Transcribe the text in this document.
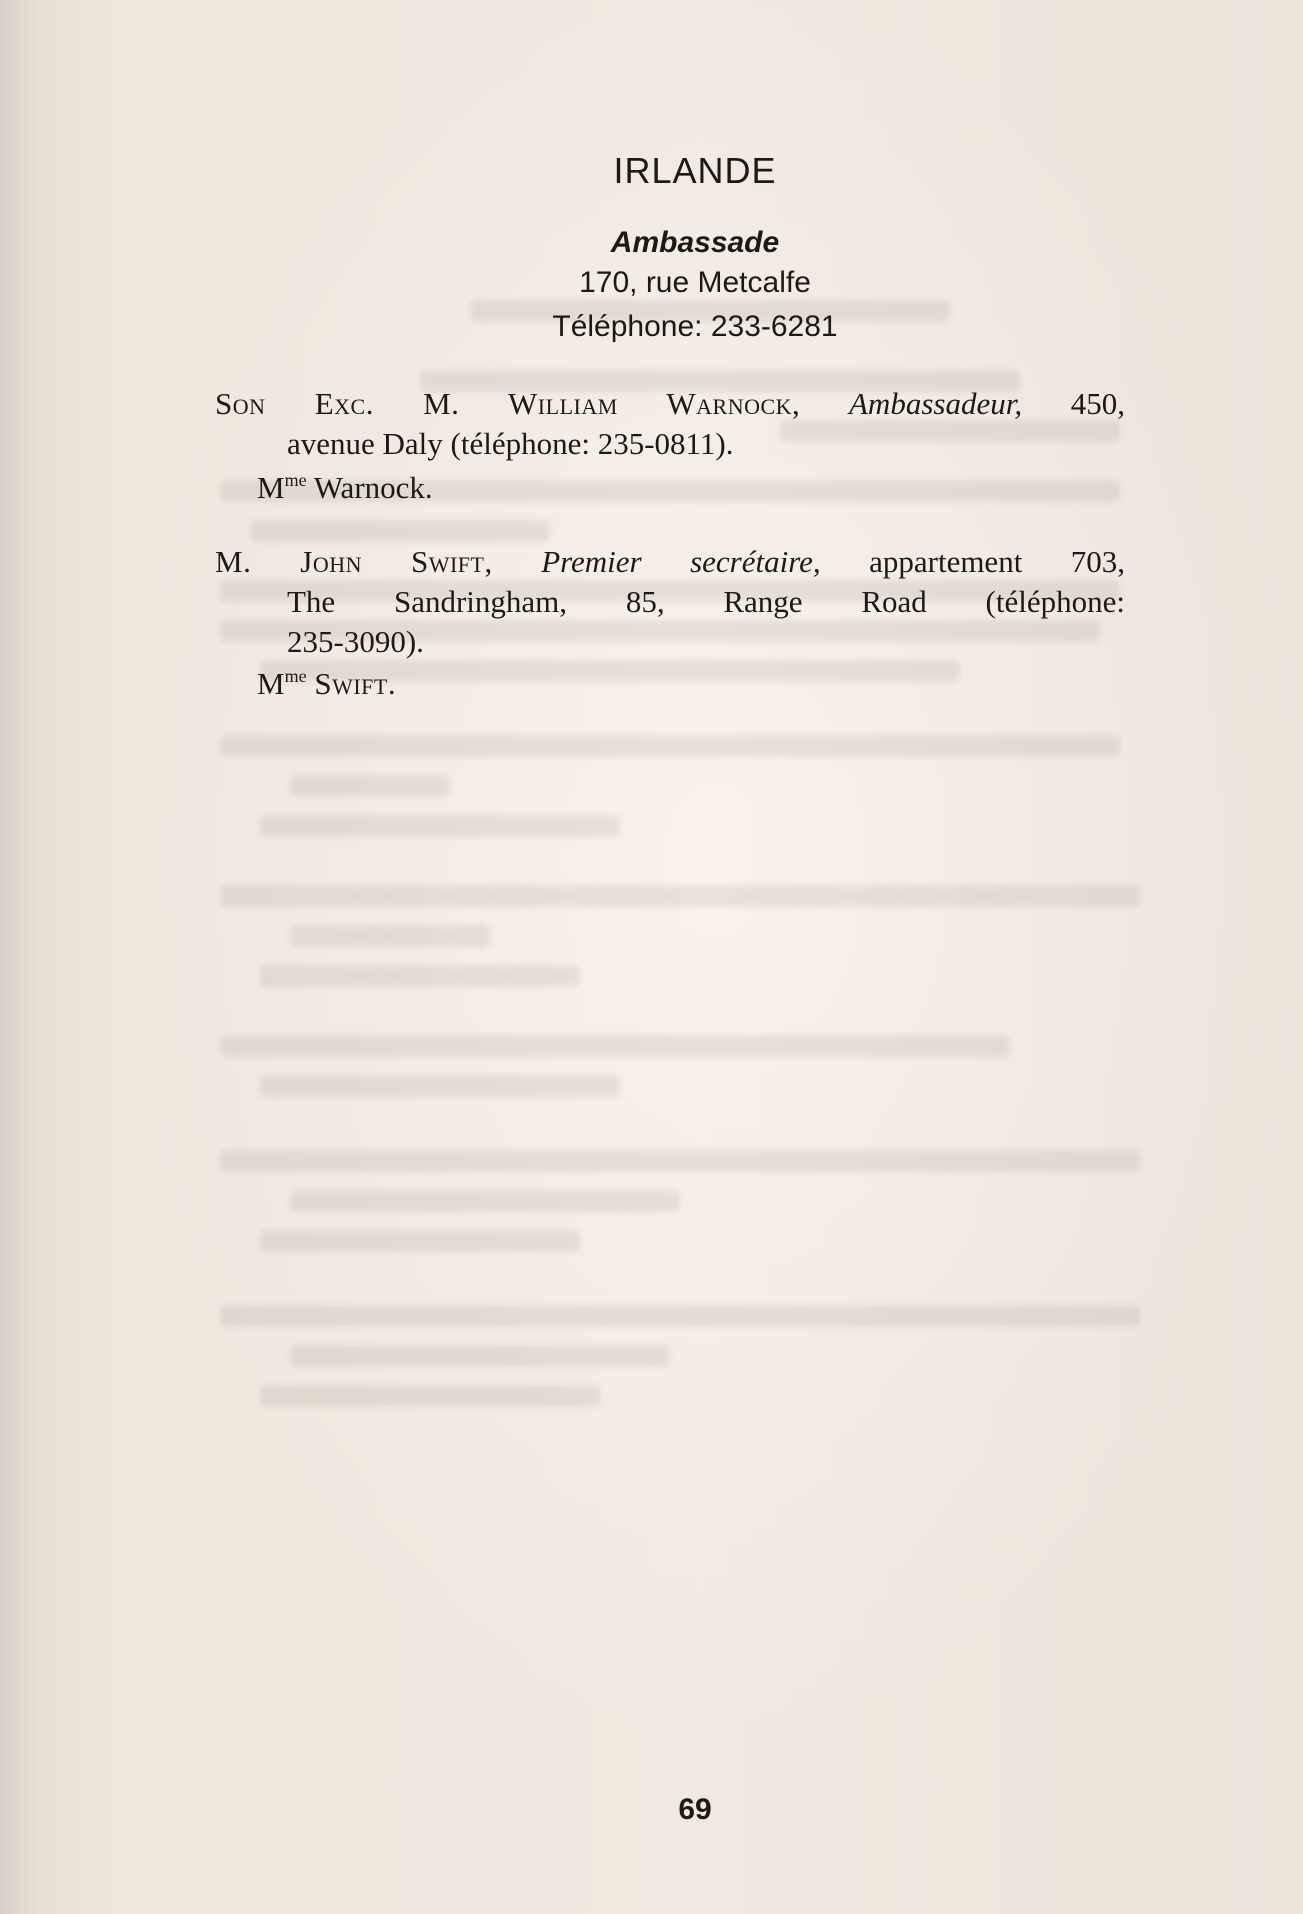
IRLANDE
Ambassade
170, rue Metcalfe
Téléphone: 233-6281
Son Exc. M. William Warnock, Ambassadeur, 450,
avenue Daly (téléphone: 235-0811).
$M^{me}$ Warnock.
M. John Swift, Premier secrétaire, appartement 703,
The Sandringham, 85, Range Road (téléphone:
235-3090).
$M^{me}$ Swift.
69
